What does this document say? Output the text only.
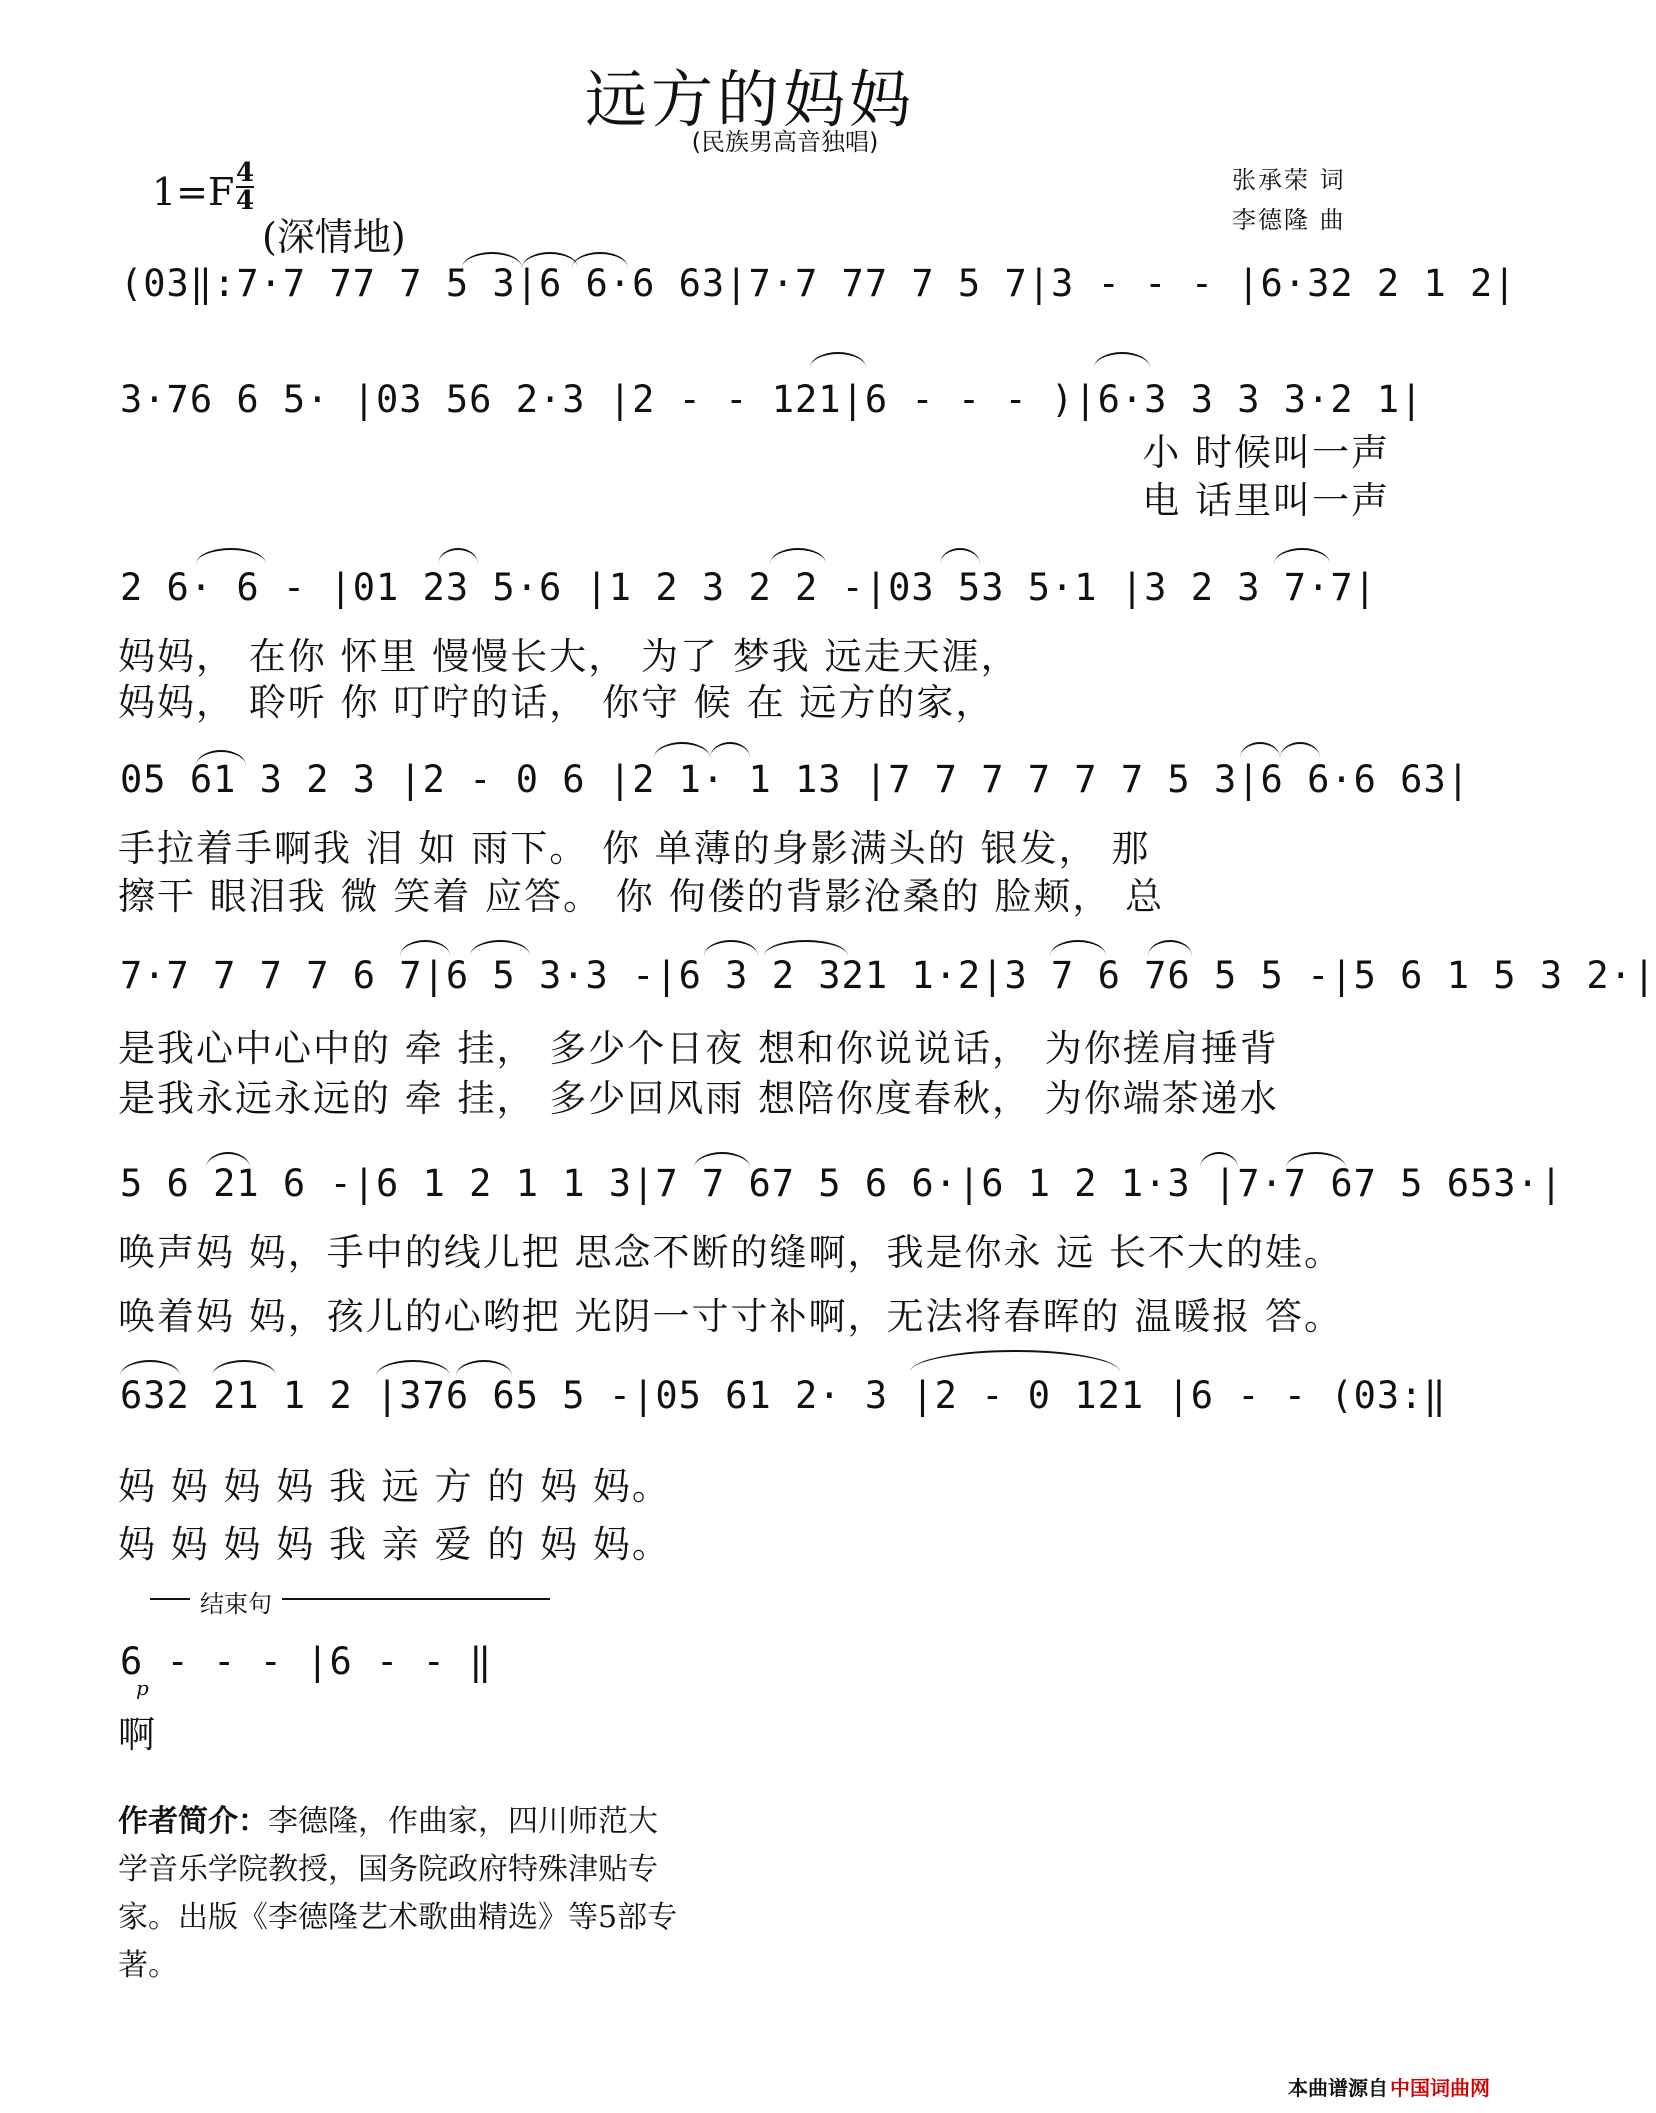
远方的妈妈
(民族男高音独唱)
张承荣 词
李德隆 曲
1=F 4
4
(深情地)
(03‖:7·7 77 7 5 3|6 6·6 63|7·7 77 7 5 7|3 - - - |6·32 2 1 2|
3·76 6 5· |03 56 2·3 |2 - - 121|6 - - - )|6·3 3 3 3·2 1|
小 时候叫一声
电 话里叫一声
2 6· 6 - |01 23 5·6 |1 2 3 2 2 -|03 53 5·1 |3 2 3 7·7|
妈妈， 在你 怀里 慢慢长大， 为了 梦我 远走天涯，
妈妈， 聆听 你 叮咛的话， 你守 候 在 远方的家，
05 61 3 2 3 |2 - 0 6 |2 1· 1 13 |7 7 7 7 7 7 5 3|6 6·6 63|
手拉着手啊我 泪 如 雨下。 你 单薄的身影满头的 银发， 那
擦干 眼泪我 微 笑着 应答。 你 佝偻的背影沧桑的 脸颊， 总
7·7 7 7 7 6 7|6 5 3·3 -|6 3 2 321 1·2|3 7 6 76 5 5 -|5 6 1 5 3 2·|
是我心中心中的 牵 挂， 多少个日夜 想和你说说话， 为你搓肩捶背
是我永远永远的 牵 挂， 多少回风雨 想陪你度春秋， 为你端茶递水
5 6 21 6 -|6 1 2 1 1 3|7 7 67 5 6 6·|6 1 2 1·3 |7·7 67 5 653·|
唤声妈 妈，手中的线儿把 思念不断的缝啊，我是你永 远 长不大的娃。
唤着妈 妈，孩儿的心哟把 光阴一寸寸补啊，无法将春晖的 温暖报 答。
632 21 1 2 |376 65 5 -|05 61 2· 3 |2 - 0 121 |6 - - (03:‖
妈 妈 妈 妈 我 远 方 的 妈 妈。
妈 妈 妈 妈 我 亲 爱 的 妈 妈。
结束句
6 - - - |6 - - ‖
p
啊
作者简介：李德隆，作曲家，四川师范大学音乐学院教授，国务院政府特殊津贴专家。出版《李德隆艺术歌曲精选》等5部专著。
本曲谱源自 中国词曲网
